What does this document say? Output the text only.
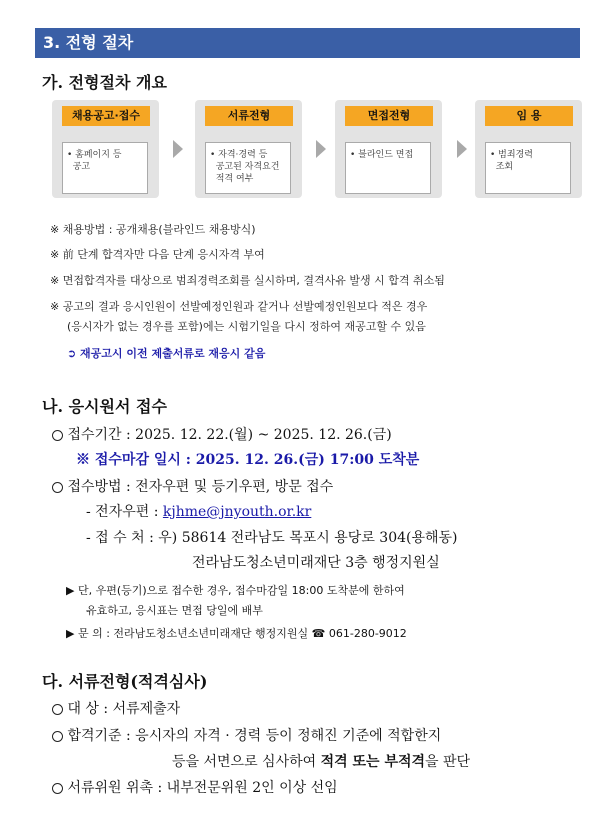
3. 전형 절차
가. 전형절차 개요
채용공고·접수
• 홈페이지 등
공고
서류전형
• 자격·경력 등
공고된 자격요건
적격 여부
면접전형
• 블라인드 면접
임 용
• 범죄경력
조회
※ 채용방법 : 공개채용(블라인드 채용방식)
※ 前 단계 합격자만 다음 단계 응시자격 부여
※ 면접합격자를 대상으로 범죄경력조회를 실시하며, 결격사유 발생 시 합격 취소됨
※ 공고의 결과 응시인원이 선발예정인원과 같거나 선발예정인원보다 적은 경우
(응시자가 없는 경우를 포함)에는 시험기일을 다시 정하여 재공고할 수 있음
➲ 재공고시 이전 제출서류로 재응시 같음
나. 응시원서 접수
접수기간 : 2025. 12. 22.(월) ~ 2025. 12. 26.(금)
※ 접수마감 일시 : 2025. 12. 26.(금) 17:00 도착분
접수방법 : 전자우편 및 등기우편, 방문 접수
- 전자우편 : kjhme@jnyouth.or.kr
- 접 수 처 : 우) 58614 전라남도 목포시 용당로 304(용해동)
전라남도청소년미래재단 3층 행정지원실
▶ 단, 우편(등기)으로 접수한 경우, 접수마감일 18:00 도착분에 한하여
유효하고, 응시표는 면접 당일에 배부
▶ 문 의 : 전라남도청소년소년미래재단 행정지원실 ☎ 061-280-9012
다. 서류전형(적격심사)
대 상 : 서류제출자
합격기준 : 응시자의 자격 · 경력 등이 정해진 기준에 적합한지
등을 서면으로 심사하여 적격 또는 부적격을 판단
서류위원 위촉 : 내부전문위원 2인 이상 선임
